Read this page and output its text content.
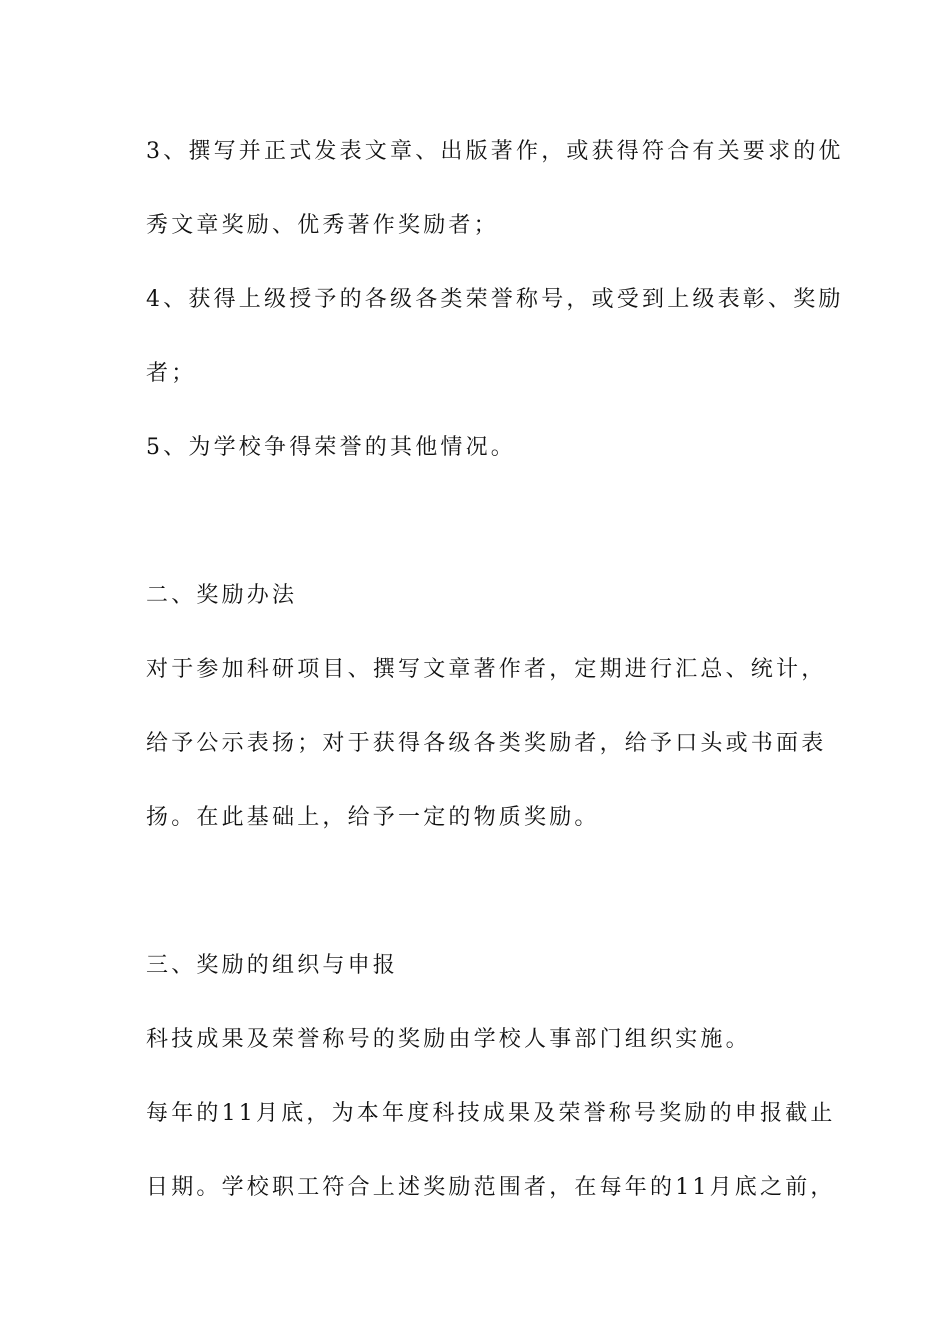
3、撰写并正式发表文章、出版著作，或获得符合有关要求的优
秀文章奖励、优秀著作奖励者；
4、获得上级授予的各级各类荣誉称号，或受到上级表彰、奖励
者；
5、为学校争得荣誉的其他情况。
二、奖励办法
对于参加科研项目、撰写文章著作者，定期进行汇总、统计，
给予公示表扬；对于获得各级各类奖励者，给予口头或书面表
扬。在此基础上，给予一定的物质奖励。
三、奖励的组织与申报
科技成果及荣誉称号的奖励由学校人事部门组织实施。
每年的11月底，为本年度科技成果及荣誉称号奖励的申报截止
日期。学校职工符合上述奖励范围者，在每年的11月底之前，
